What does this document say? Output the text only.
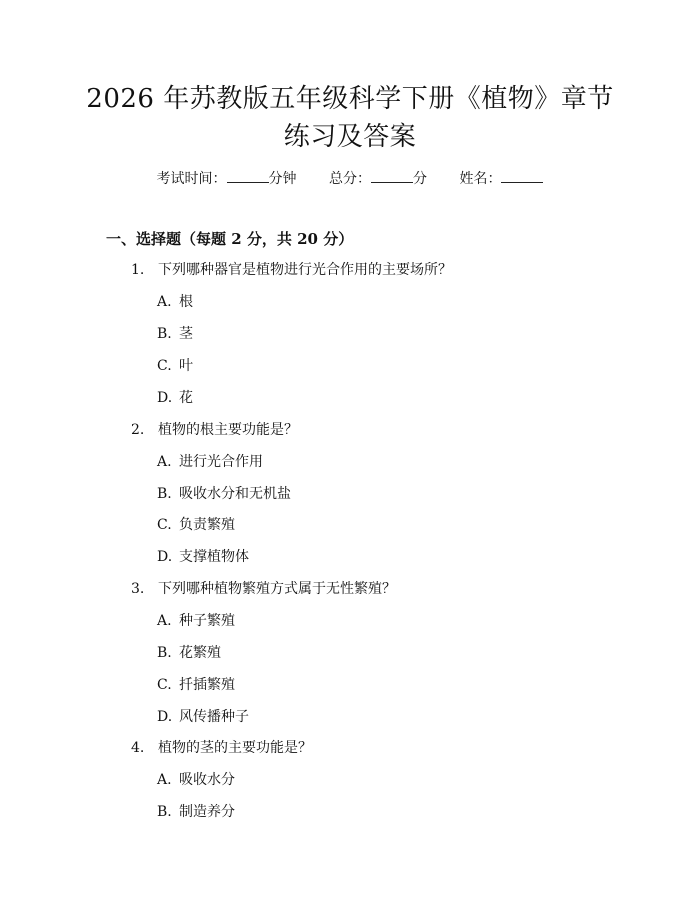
2026 年苏教版五年级科学下册《植物》章节
练习及答案
考试时间：	分钟 总分：	分 姓名：
一、选择题（每题 2 分，共 20 分）
1. 下列哪种器官是植物进行光合作用的主要场所？
A. 根
B. 茎
C. 叶
D. 花
2. 植物的根主要功能是？
A. 进行光合作用
B. 吸收水分和无机盐
C. 负责繁殖
D. 支撑植物体
3. 下列哪种植物繁殖方式属于无性繁殖？
A. 种子繁殖
B. 花繁殖
C. 扦插繁殖
D. 风传播种子
4. 植物的茎的主要功能是？
A. 吸收水分
B. 制造养分
